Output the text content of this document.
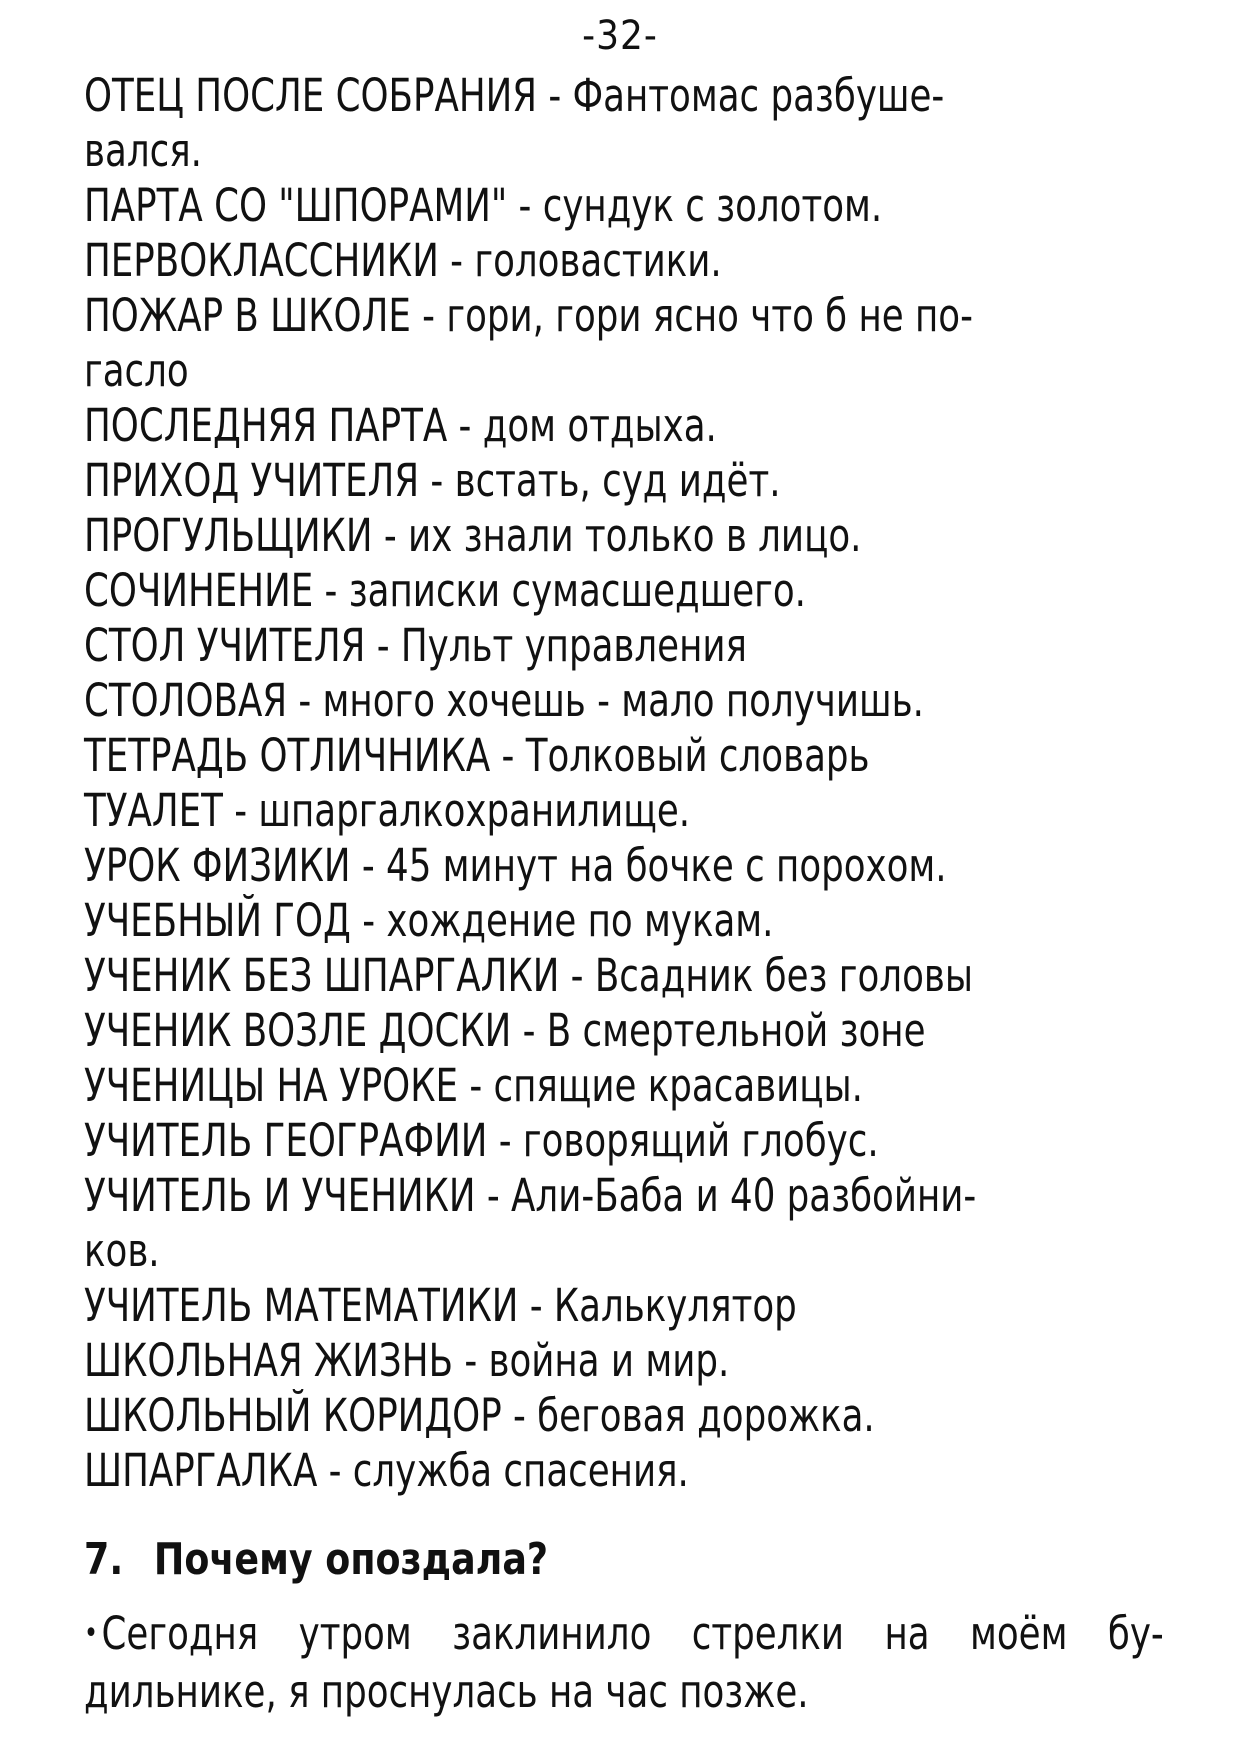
-32-
ОТЕЦ ПОСЛЕ СОБРАНИЯ - Фантомас разбуше-
вался.
ПАРТА СО "ШПОРАМИ" - сундук с золотом.
ПЕРВОКЛАССНИКИ - головастики.
ПОЖАР В ШКОЛЕ - гори, гори ясно что б не по-
гасло
ПОСЛЕДНЯЯ ПАРТА - дом отдыха.
ПРИХОД УЧИТЕЛЯ - встать, суд идёт.
ПРОГУЛЬЩИКИ - их знали только в лицо.
СОЧИНЕНИЕ - записки сумасшедшего.
СТОЛ УЧИТЕЛЯ - Пульт управления
СТОЛОВАЯ - много хочешь - мало получишь.
ТЕТРАДЬ ОТЛИЧНИКА - Толковый словарь
ТУАЛЕТ - шпаргалкохранилище.
УРОК ФИЗИКИ - 45 минут на бочке с порохом.
УЧЕБНЫЙ ГОД - хождение по мукам.
УЧЕНИК БЕЗ ШПАРГАЛКИ - Всадник без головы
УЧЕНИК ВОЗЛЕ ДОСКИ - В смертельной зоне
УЧЕНИЦЫ НА УРОКЕ - спящие красавицы.
УЧИТЕЛЬ ГЕОГРАФИИ - говорящий глобус.
УЧИТЕЛЬ И УЧЕНИКИ - Али-Баба и 40 разбойни-
ков.
УЧИТЕЛЬ МАТЕМАТИКИ - Калькулятор
ШКОЛЬНАЯ ЖИЗНЬ - война и мир.
ШКОЛЬНЫЙ КОРИДОР - беговая дорожка.
ШПАРГАЛКА - служба спасения.
7. Почему опоздала?
•Сегодня утром заклинило стрелки на моём бу-
дильнике, я проснулась на час позже.
